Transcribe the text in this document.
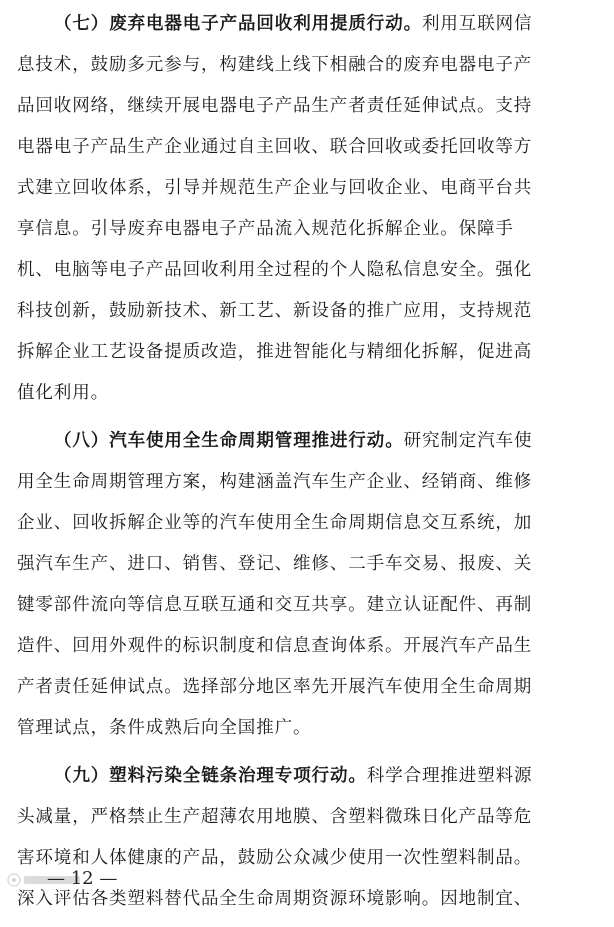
（七）废弃电器电子产品回收利用提质行动。利用互联网信
息技术，鼓励多元参与，构建线上线下相融合的废弃电器电子产
品回收网络，继续开展电器电子产品生产者责任延伸试点。支持
电器电子产品生产企业通过自主回收、联合回收或委托回收等方
式建立回收体系，引导并规范生产企业与回收企业、电商平台共
享信息。引导废弃电器电子产品流入规范化拆解企业。保障手
机、电脑等电子产品回收利用全过程的个人隐私信息安全。强化
科技创新，鼓励新技术、新工艺、新设备的推广应用，支持规范
拆解企业工艺设备提质改造，推进智能化与精细化拆解，促进高
值化利用。
（八）汽车使用全生命周期管理推进行动。研究制定汽车使
用全生命周期管理方案，构建涵盖汽车生产企业、经销商、维修
企业、回收拆解企业等的汽车使用全生命周期信息交互系统，加
强汽车生产、进口、销售、登记、维修、二手车交易、报废、关
键零部件流向等信息互联互通和交互共享。建立认证配件、再制
造件、回用外观件的标识制度和信息查询体系。开展汽车产品生
产者责任延伸试点。选择部分地区率先开展汽车使用全生命周期
管理试点，条件成熟后向全国推广。
（九）塑料污染全链条治理专项行动。科学合理推进塑料源
头减量，严格禁止生产超薄农用地膜、含塑料微珠日化产品等危
害环境和人体健康的产品，鼓励公众减少使用一次性塑料制品。
深入评估各类塑料替代品全生命周期资源环境影响。因地制宜、
— 12 —
